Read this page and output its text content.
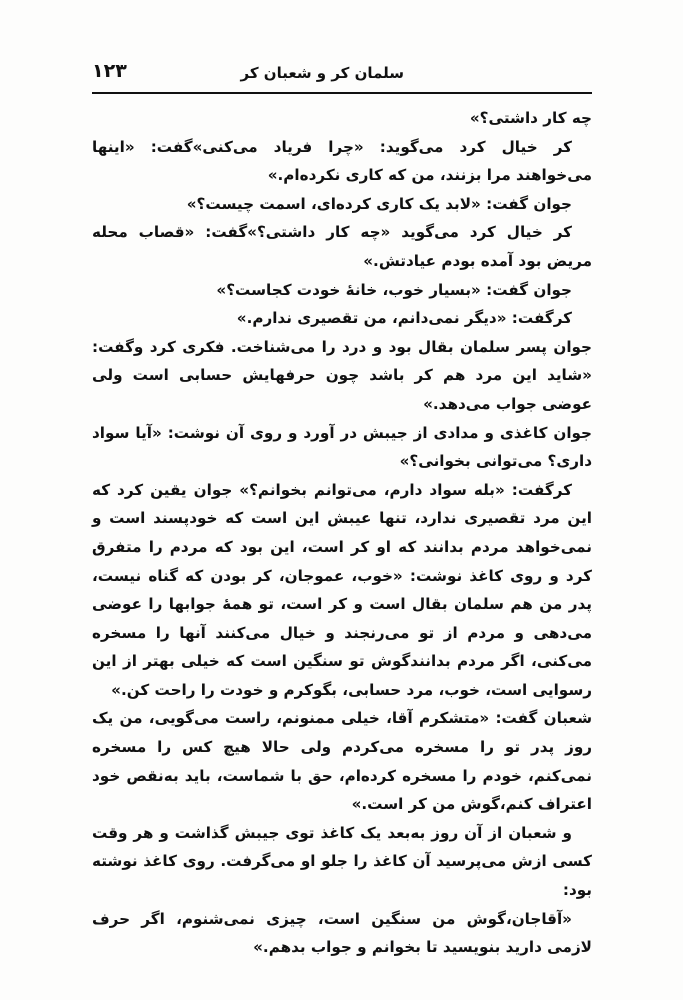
سلمان کر و شعبان کر
۱۲۳

چه کار داشتی؟»

کر خیال کرد می‌گوید: «چرا فریاد می‌کنی»گفت: «اینها می‌خواهند مرا بزنند، من که کاری نکرده‌ام.»

جوان گفت: «لابد یک کاری کرده‌ای، اسمت چیست؟»

کر خیال کرد می‌گوید «چه کار داشتی؟»گفت: «قصاب محله مریض بود آمده بودم عیادتش.»

جوان گفت: «بسیار خوب، خانهٔ خودت کجاست؟»

کرگفت: «دیگر نمی‌دانم، من تقصیری ندارم.»

جوان پسر سلمان بقال بود و درد را می‌شناخت. فکری کرد وگفت: «شاید این مرد هم کر باشد چون حرفهایش حسابی است ولی عوضی جواب می‌دهد.»

جوان کاغذی و مدادی از جیبش در آورد و روی آن نوشت: «آیا سواد داری؟ می‌توانی بخوانی؟»

کرگفت: «بله سواد دارم، می‌توانم بخوانم؟» جوان یقین کرد که این مرد تقصیری ندارد، تنها عیبش این است که خودپسند است و نمی‌خواهد مردم بدانند که او کر است، این بود که مردم را متفرق کرد و روی کاغذ نوشت: «خوب، عموجان، کر بودن که گناه نیست، پدر من هم سلمان بقال است و کر است، تو همهٔ جوابها را عوضی می‌دهی و مردم از تو می‌رنجند و خیال می‌کنند آنها را مسخره می‌کنی، اگر مردم بدانندگوش تو سنگین است که خیلی بهتر از این رسوایی است، خوب، مرد حسابی، بگوکرم و خودت را راحت کن.»

شعبان گفت: «متشکرم آقا، خیلی ممنونم، راست می‌گویی، من یک روز پدر تو را مسخره می‌کردم ولی حالا هیچ کس را مسخره نمی‌کنم، خودم را مسخره کرده‌ام، حق با شماست، باید به‌نقص خود اعتراف کنم،گوش من کر است.»

و شعبان از آن روز به‌بعد یک کاغذ توی جیبش گذاشت و هر وقت کسی ازش می‌پرسید آن کاغذ را جلو او می‌گرفت. روی کاغذ نوشته بود:

«آقاجان،گوش من سنگین است، چیزی نمی‌شنوم، اگر حرف لازمی دارید بنویسید تا بخوانم و جواب بدهم.»
